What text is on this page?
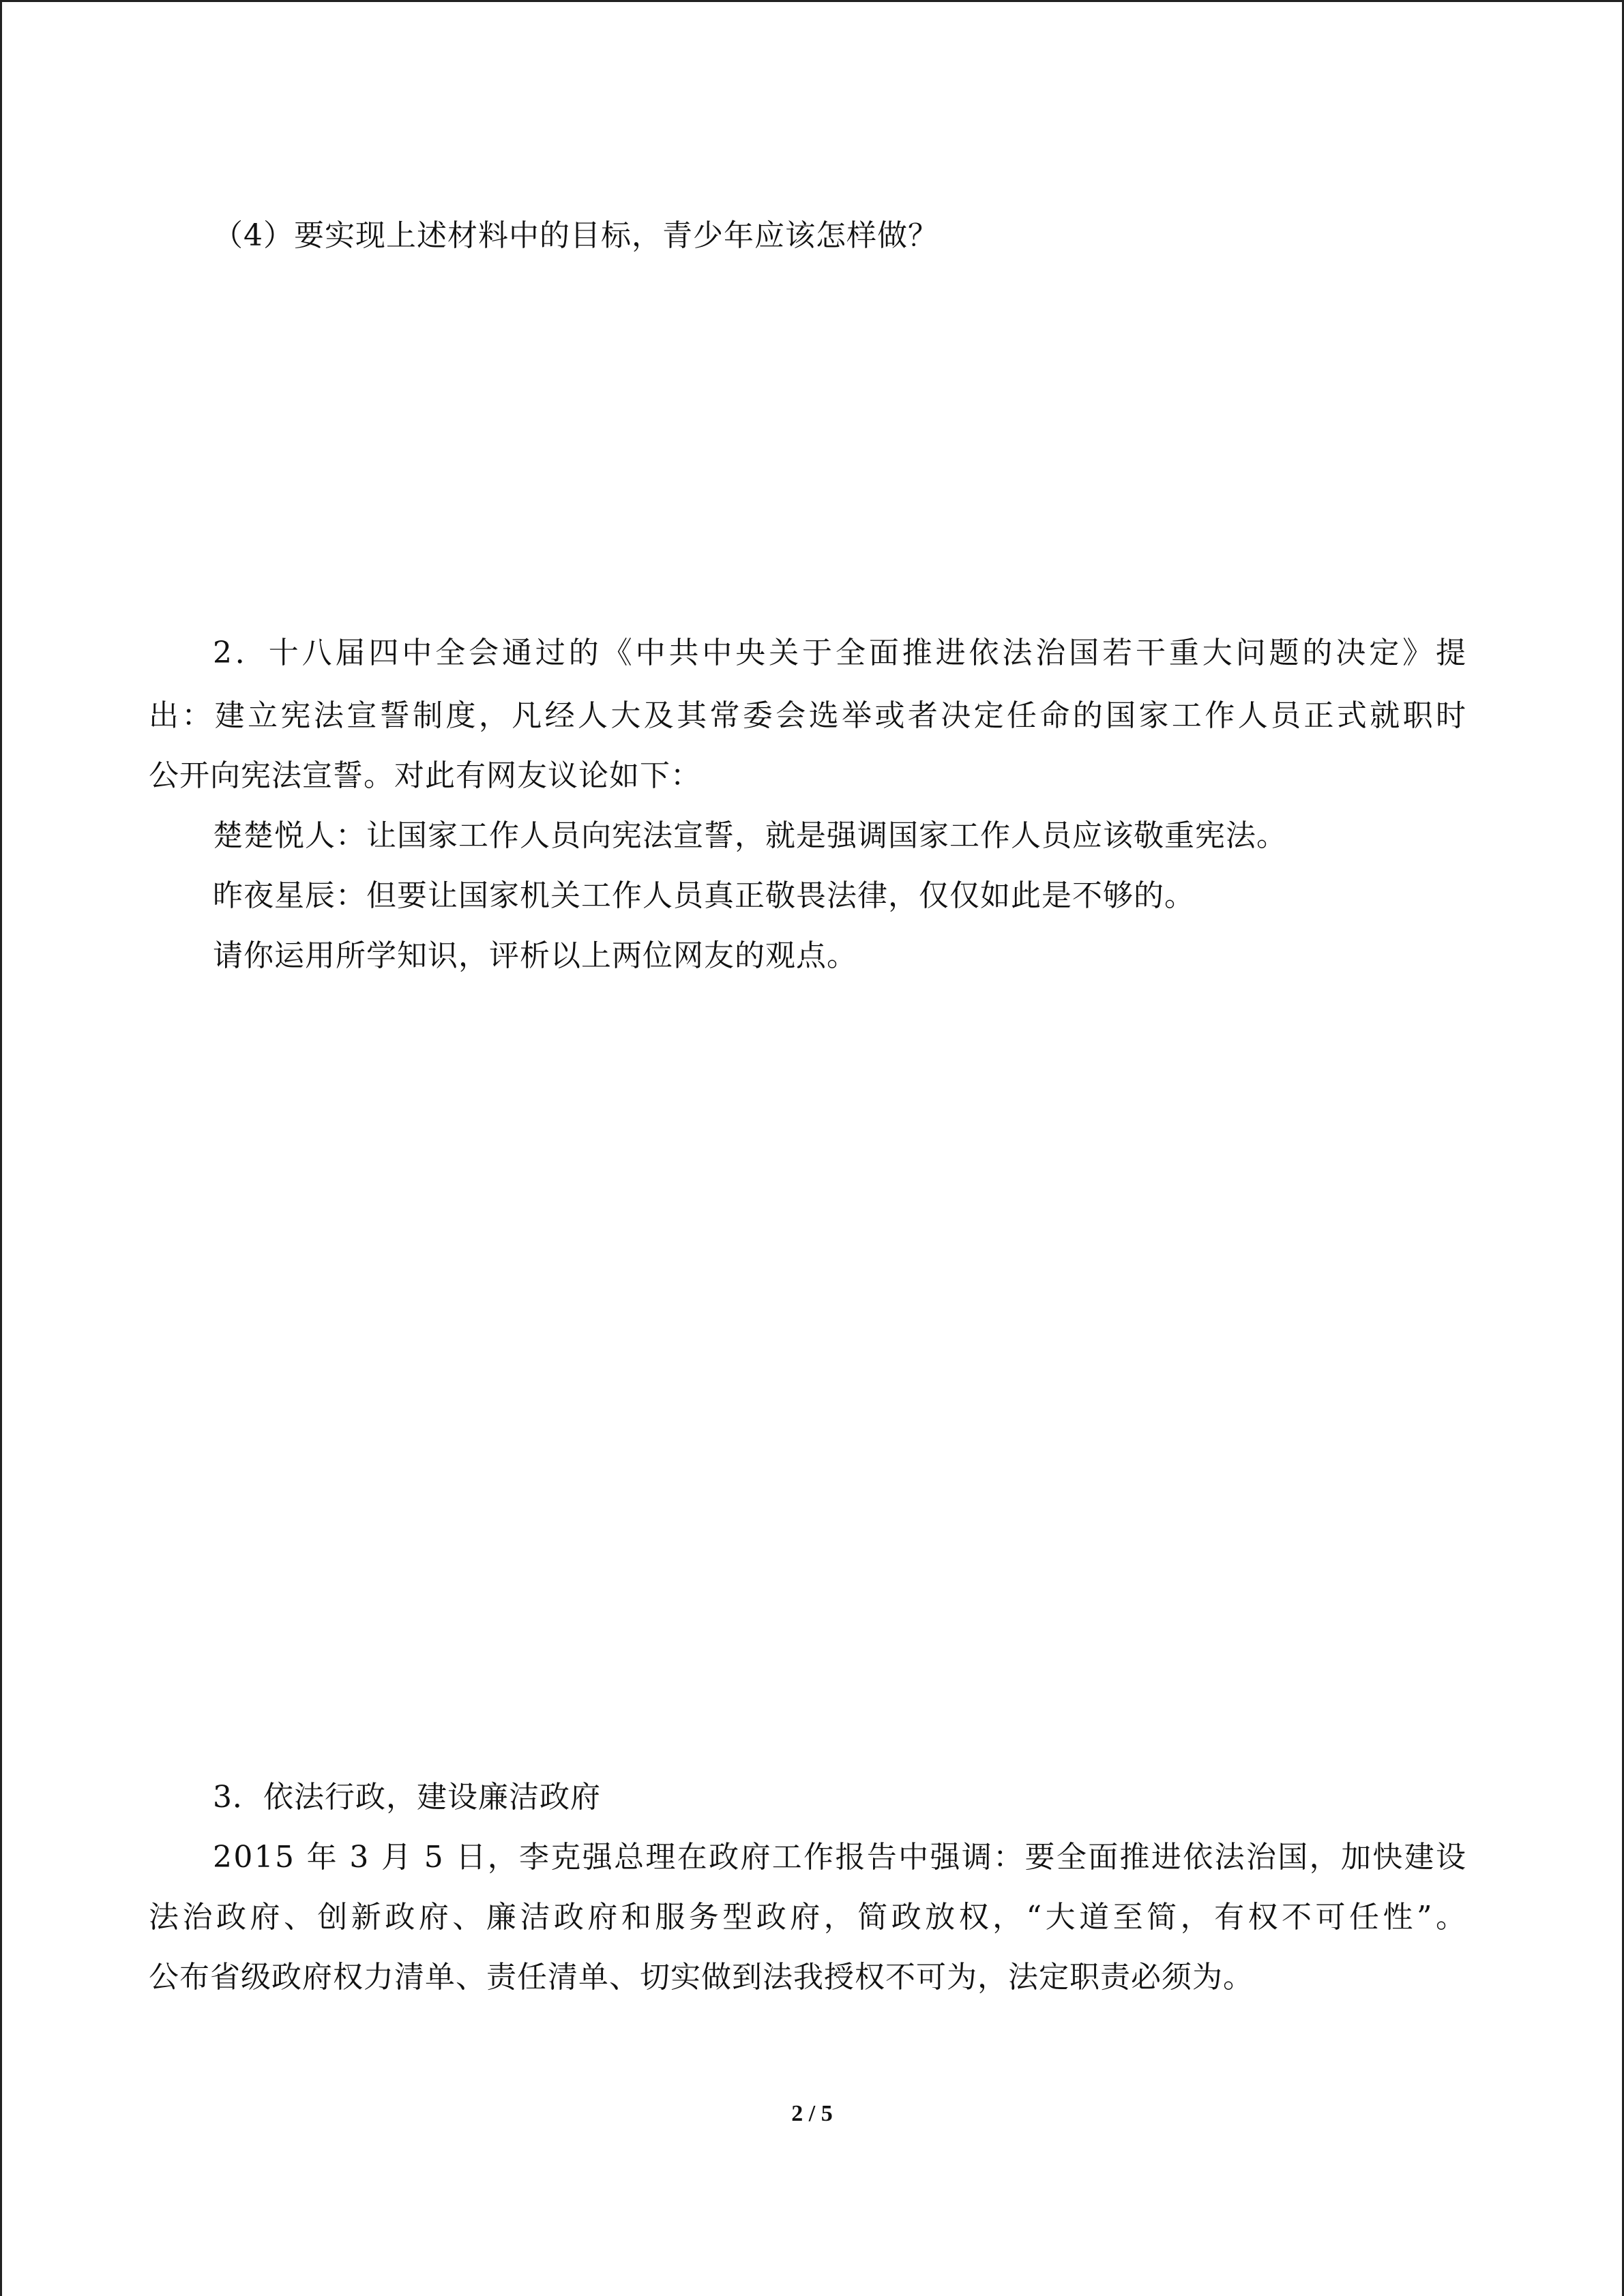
（4）要实现上述材料中的目标，青少年应该怎样做？
2．十八届四中全会通过的《中共中央关于全面推进依法治国若干重大问题的决定》提
出：建立宪法宣誓制度，凡经人大及其常委会选举或者决定任命的国家工作人员正式就职时
公开向宪法宣誓。对此有网友议论如下：
楚楚悦人：让国家工作人员向宪法宣誓，就是强调国家工作人员应该敬重宪法。
昨夜星辰：但要让国家机关工作人员真正敬畏法律，仅仅如此是不够的。
请你运用所学知识，评析以上两位网友的观点。
3．依法行政，建设廉洁政府
2015 年 3 月 5 日，李克强总理在政府工作报告中强调：要全面推进依法治国，加快建设
法治政府、创新政府、廉洁政府和服务型政府，简政放权，“大道至简，有权不可任性”。
公布省级政府权力清单、责任清单、切实做到法我授权不可为，法定职责必须为。
2 / 5
